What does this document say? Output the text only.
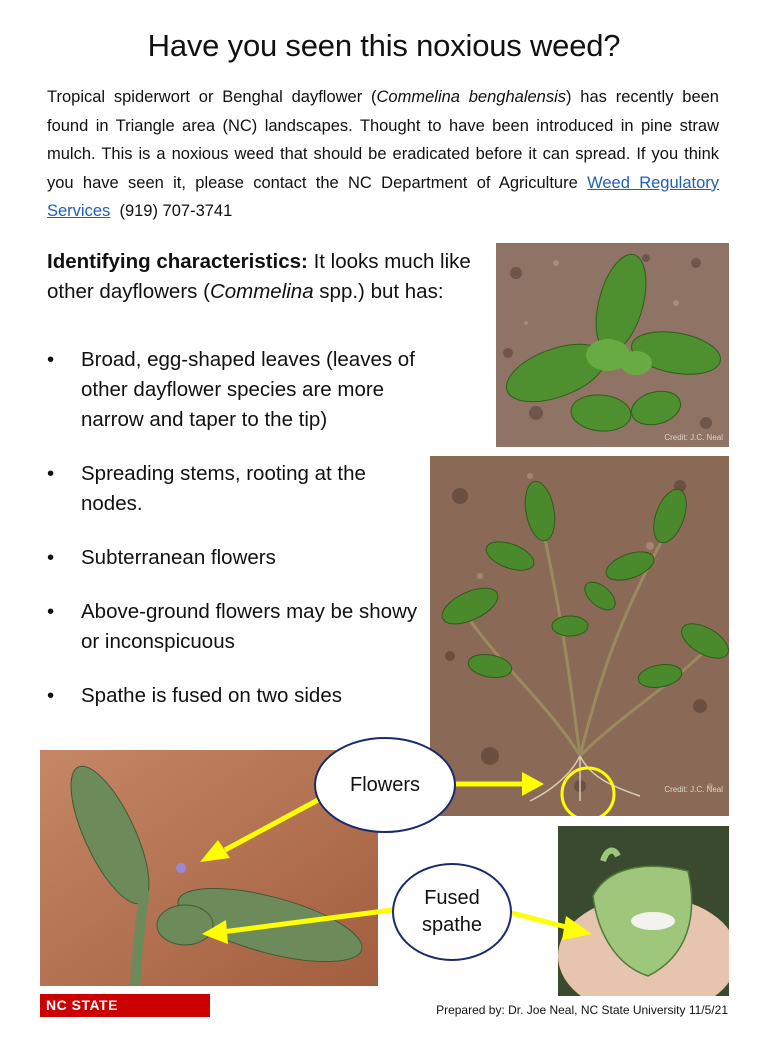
Have you seen this noxious weed?

Tropical spiderwort or Benghal dayflower (Commelina benghalensis) has recently been found in Triangle area (NC) landscapes. Thought to have been introduced in pine straw mulch. This is a noxious weed that should be eradicated before it can spread. If you think you have seen it, please contact the NC Department of Agriculture Weed Regulatory Services (919) 707-3741

Identifying characteristics: It looks much like other dayflowers (Commelina spp.) but has:

• Broad, egg-shaped leaves (leaves of other dayflower species are more narrow and taper to the tip)
• Spreading stems, rooting at the nodes.
• Subterranean flowers
• Above-ground flowers may be showy or inconspicuous
• Spathe is fused on two sides
Credit: J.C. Neal
Credit: J.C. Neal
Flowers
Fused
spathe
NC STATE UNIVERSITY
Prepared by: Dr. Joe Neal, NC State University 11/5/21
